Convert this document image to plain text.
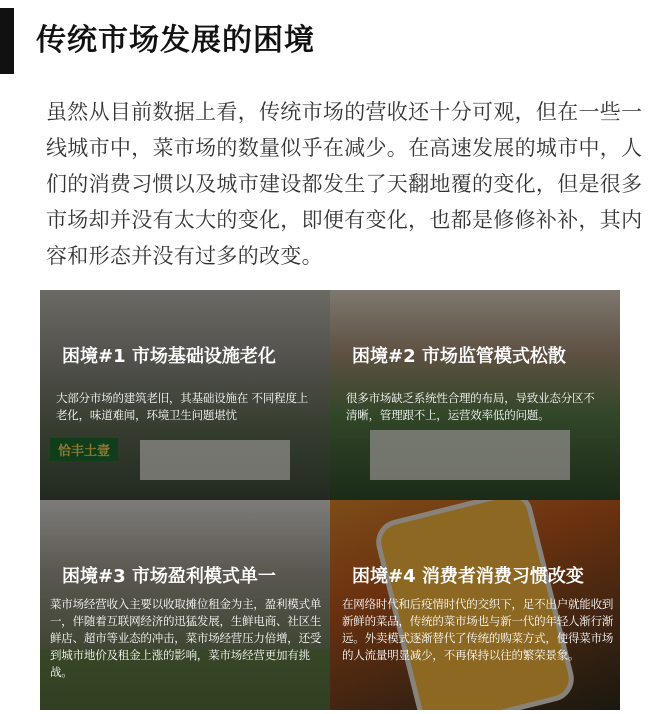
传统市场发展的困境

虽然从目前数据上看，传统市场的营收还十分可观，但在一些一线城市中，菜市场的数量似乎在减少。在高速发展的城市中，人们的消费习惯以及城市建设都发生了天翻地覆的变化，但是很多市场却并没有太大的变化，即便有变化，也都是修修补补，其内容和形态并没有过多的改变。

恰丰土壹
困境#1 市场基础设施老化

大部分市场的建筑老旧，其基础设施在 不同程度上老化，味道难闻，环境卫生问题堪忧

困境#2 市场监管模式松散

很多市场缺乏系统性合理的布局，导致业态分区不清晰，管理跟不上，运营效率低的问题。

困境#3 市场盈利模式单一

菜市场经营收入主要以收取摊位租金为主，盈利模式单一，伴随着互联网经济的迅猛发展，生鲜电商、社区生鲜店、超市等业态的冲击，菜市场经营压力倍增，还受到城市地价及租金上涨的影响，菜市场经营更加有挑战。

困境#4 消费者消费习惯改变

在网络时代和后疫情时代的交织下，足不出户就能收到新鲜的菜品，传统的菜市场也与新一代的年轻人渐行渐远。外卖模式逐渐替代了传统的购菜方式，使得菜市场的人流量明显减少，不再保持以往的繁荣景象。
